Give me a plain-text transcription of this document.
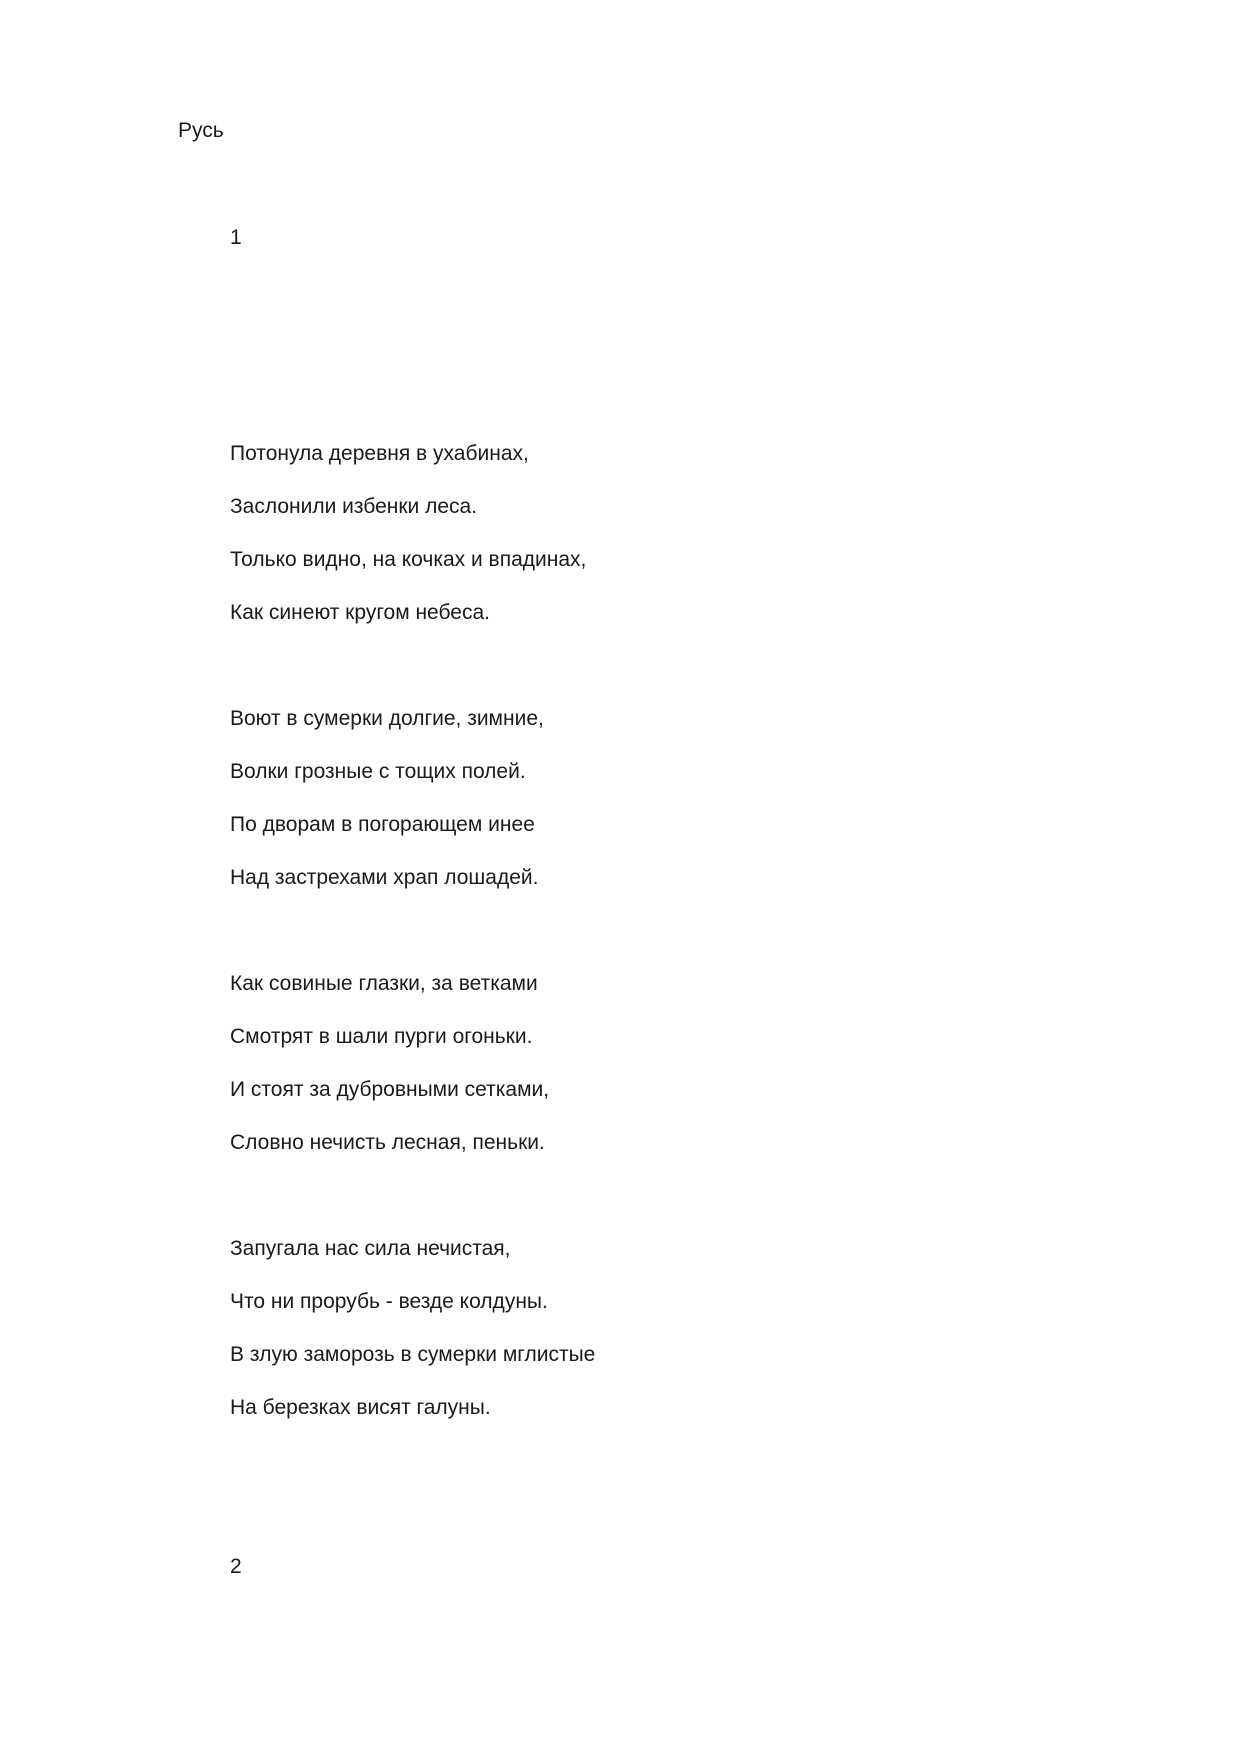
Русь
1
Потонула деревня в ухабинах,
Заслонили избенки леса.
Только видно, на кочках и впадинах,
Как синеют кругом небеса.
Воют в сумерки долгие, зимние,
Волки грозные с тощих полей.
По дворам в погорающем инее
Над застрехами храп лошадей.
Как совиные глазки, за ветками
Смотрят в шали пурги огоньки.
И стоят за дубровными сетками,
Словно нечисть лесная, пеньки.
Запугала нас сила нечистая,
Что ни прорубь - везде колдуны.
В злую заморозь в сумерки мглистые
На березках висят галуны.
2
